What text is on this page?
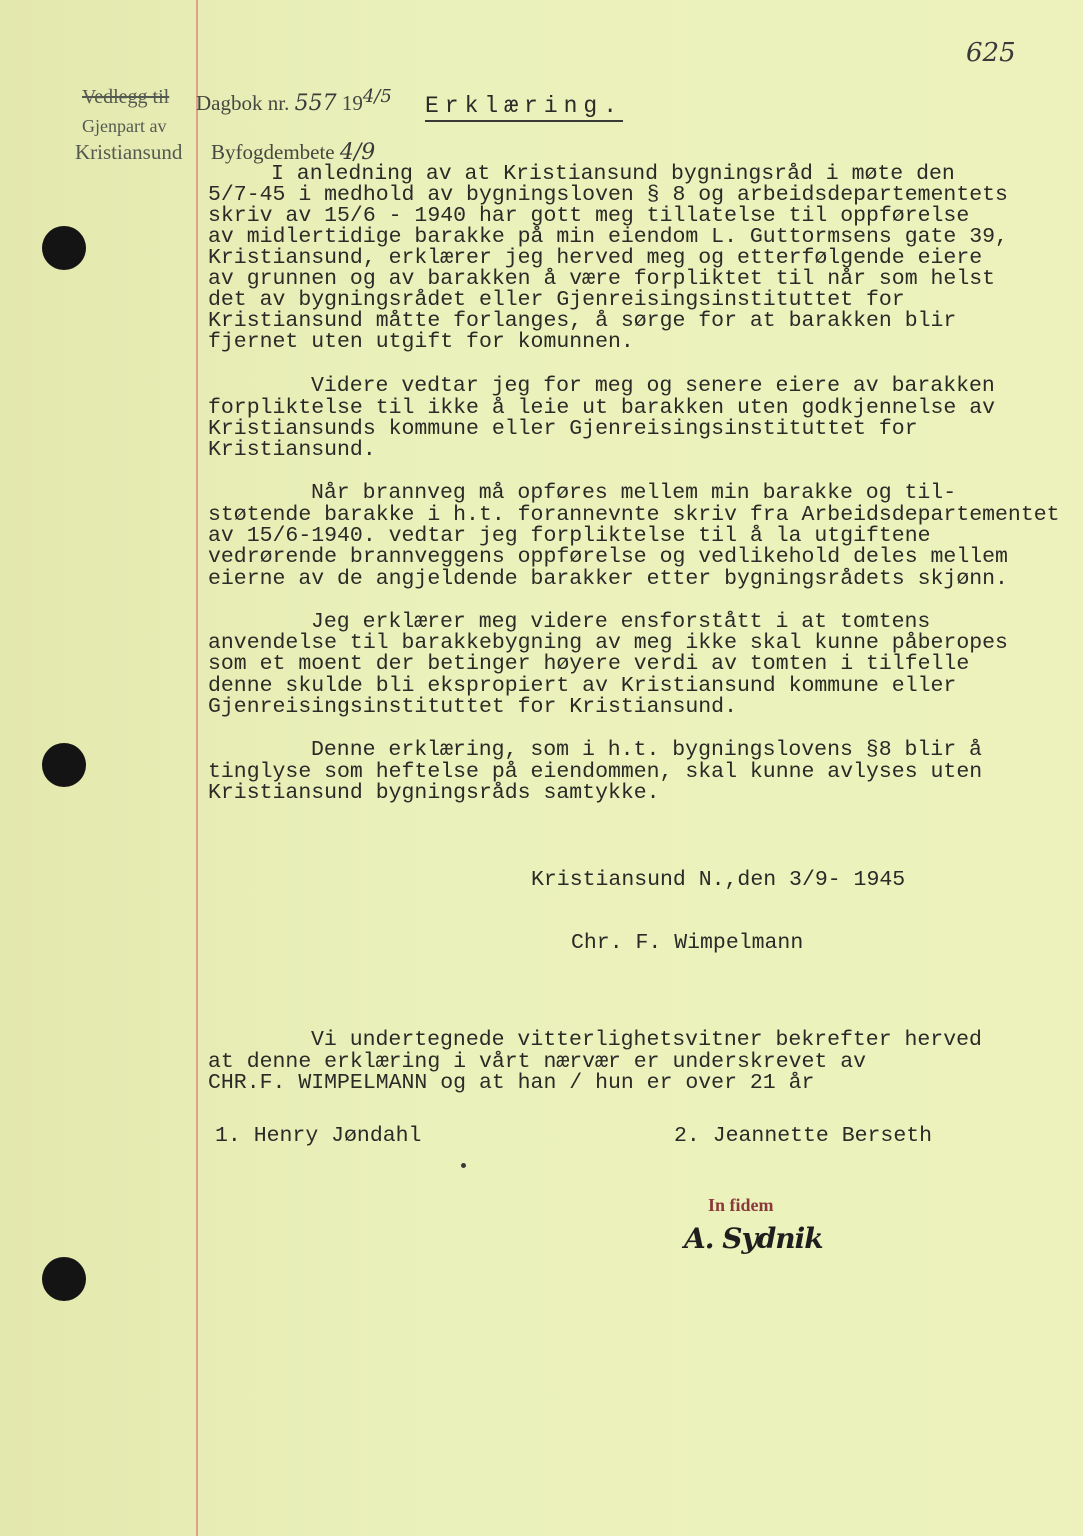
625
Vedlegg til
Gjenpart av
Kristiansund
Dagbok nr. 557 194/5
Byfogdembete 4/9
Erklæring.
I anledning av at Kristiansund bygningsråd i møte den
5/7-45 i medhold av bygningsloven § 8 og arbeidsdepartementets
skriv av 15/6 - 1940 har gott meg tillatelse til oppførelse
av midlertidige barakke på min eiendom L. Guttormsens gate 39,
Kristiansund, erklærer jeg herved meg og etterfølgende eiere
av grunnen og av barakken å være forpliktet til når som helst
det av bygningsrådet eller Gjenreisingsinstituttet for
Kristiansund måtte forlanges, å sørge for at barakken blir
fjernet uten utgift for komunnen.
Videre vedtar jeg for meg og senere eiere av barakken
forpliktelse til ikke å leie ut barakken uten godkjennelse av
Kristiansunds kommune eller Gjenreisingsinstituttet for
Kristiansund.
Når brannveg må opføres mellem min barakke og til-
støtende barakke i h.t. forannevnte skriv fra Arbeidsdepartementet
av 15/6-1940. vedtar jeg forpliktelse til å la utgiftene
vedrørende brannveggens oppførelse og vedlikehold deles mellem
eierne av de angjeldende barakker etter bygningsrådets skjønn.
Jeg erklærer meg videre ensforstått i at tomtens
anvendelse til barakkebygning av meg ikke skal kunne påberopes
som et moent der betinger høyere verdi av tomten i tilfelle
denne skulde bli ekspropiert av Kristiansund kommune eller
Gjenreisingsinstituttet for Kristiansund.
Denne erklæring, som i h.t. bygningslovens §8 blir å
tinglyse som heftelse på eiendommen, skal kunne avlyses uten
Kristiansund bygningsråds samtykke.
Kristiansund N.,den 3/9- 1945
Chr. F. Wimpelmann
Vi undertegnede vitterlighetsvitner bekrefter herved
at denne erklæring i vårt nærvær er underskrevet av
CHR.F. WIMPELMANN og at han / hun er over 21 år
1. Henry Jøndahl	2. Jeannette Berseth
In fidem
A. Sydnik
